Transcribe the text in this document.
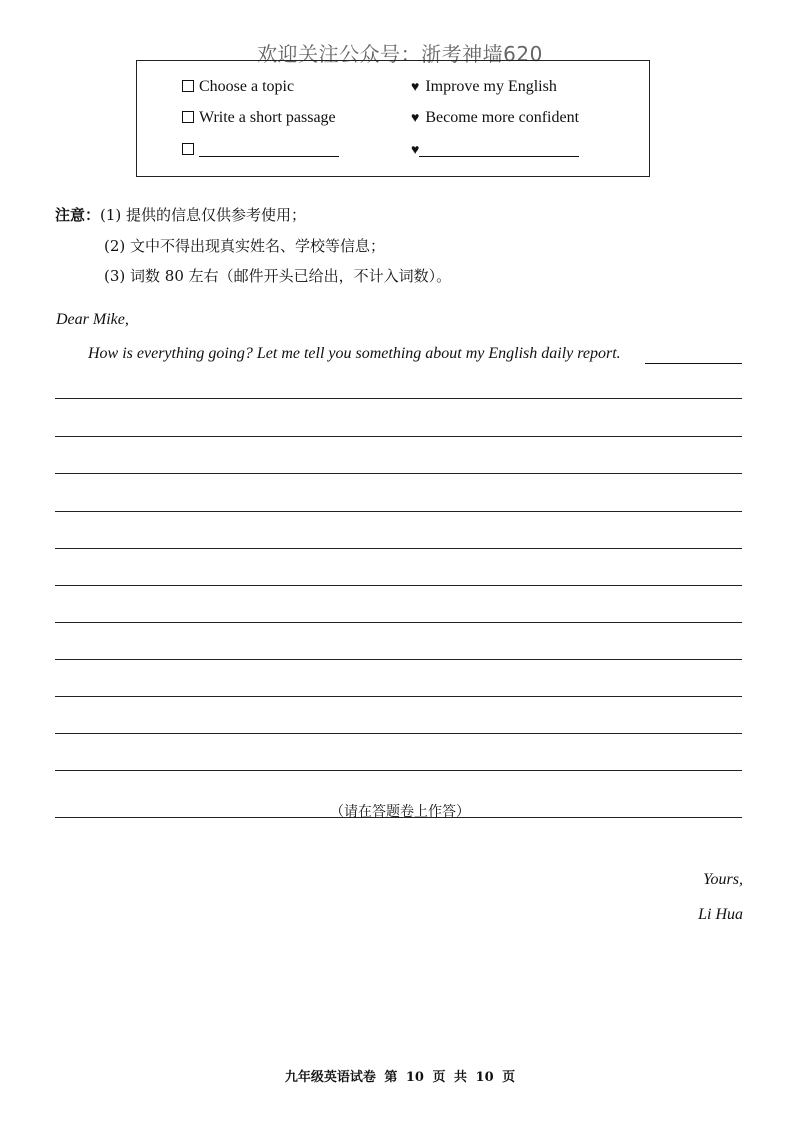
欢迎关注公众号：浙考神墙620
Choose a topic
Write a short passage
♥ Improve my English
♥ Become more confident
♥
注意：(1) 提供的信息仅供参考使用；
(2) 文中不得出现真实姓名、学校等信息；
(3) 词数 80 左右（邮件开头已给出，不计入词数）。
Dear Mike,
How is everything going? Let me tell you something about my English daily report.
（请在答题卷上作答）
Yours,
Li Hua
九年级英语试卷 第 10 页 共 10 页
